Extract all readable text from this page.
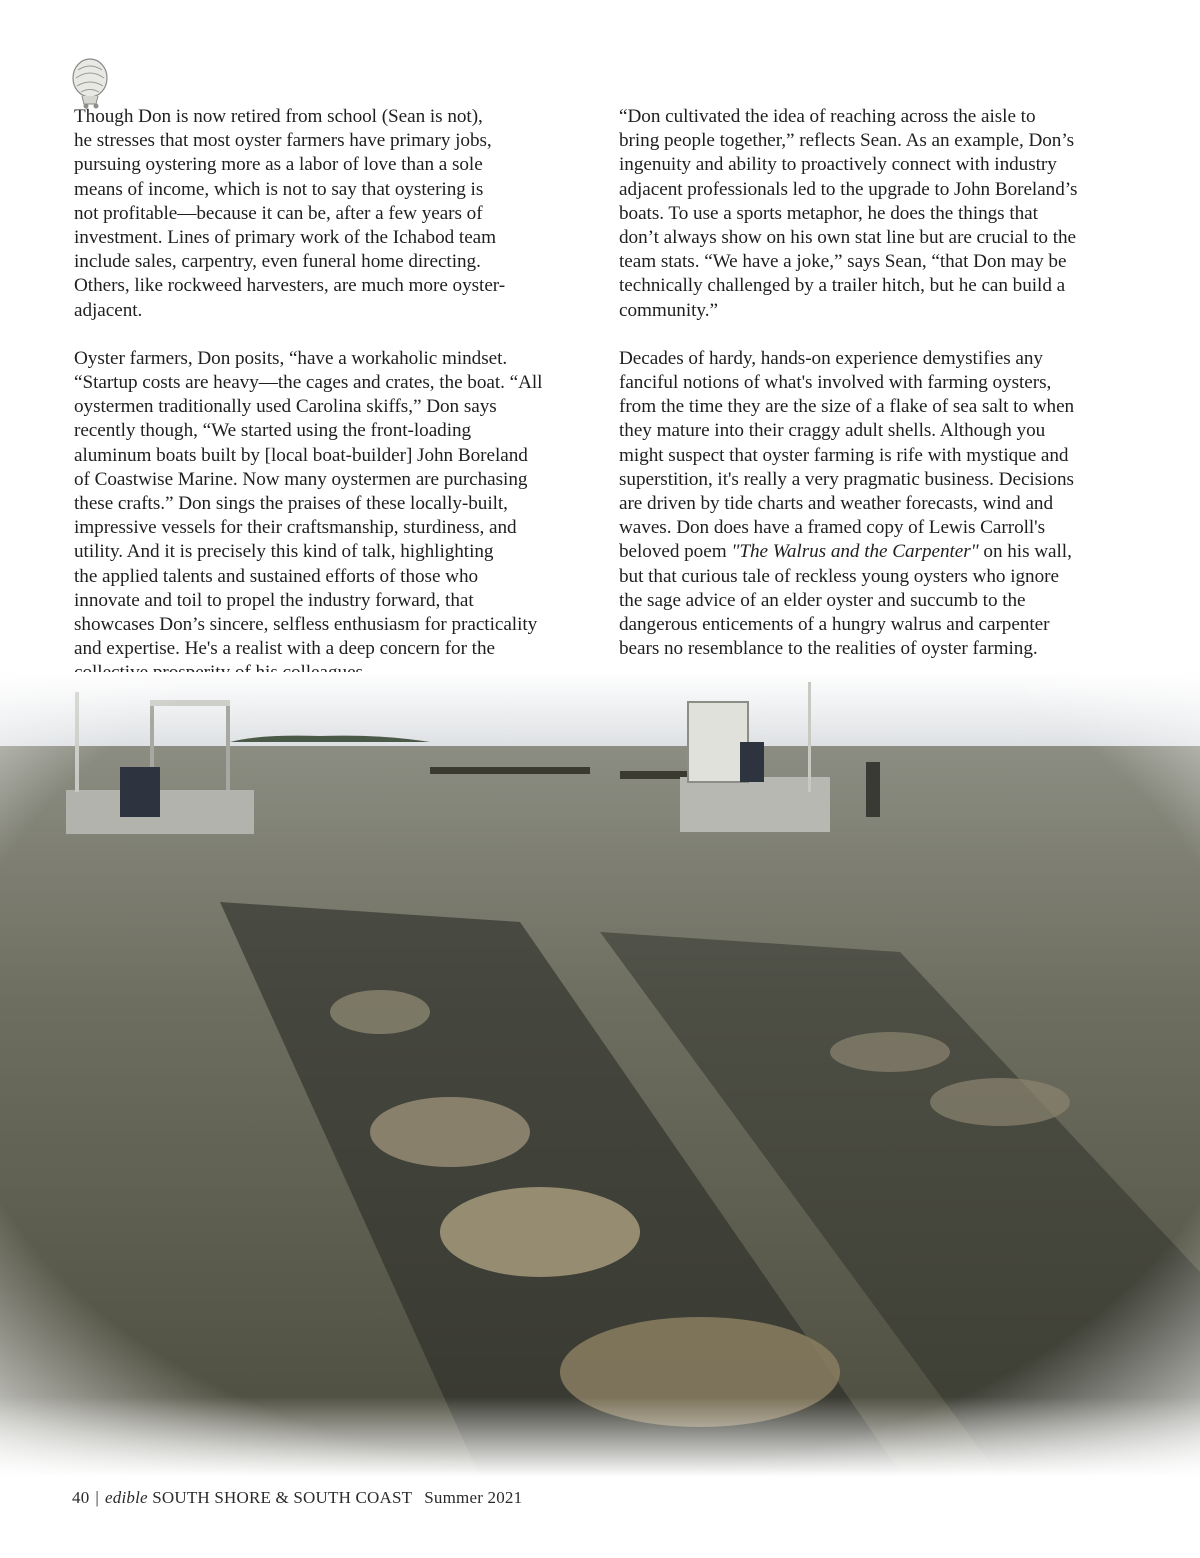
Though Don is now retired from school (Sean is not),
he stresses that most oyster farmers have primary jobs,
pursuing oystering more as a labor of love than a sole
means of income, which is not to say that oystering is
not profitable—because it can be, after a few years of
investment. Lines of primary work of the Ichabod team
include sales, carpentry, even funeral home directing.
Others, like rockweed harvesters, are much more oyster-
adjacent.

Oyster farmers, Don posits, “have a workaholic mindset.
“Startup costs are heavy—the cages and crates, the boat. “All
oystermen traditionally used Carolina skiffs,” Don says
recently though, “We started using the front-loading
aluminum boats built by [local boat-builder] John Boreland
of Coastwise Marine. Now many oystermen are purchasing
these crafts.” Don sings the praises of these locally-built,
impressive vessels for their craftsmanship, sturdiness, and
utility. And it is precisely this kind of talk, highlighting
the applied talents and sustained efforts of those who
innovate and toil to propel the industry forward, that
showcases Don’s sincere, selfless enthusiasm for practicality
and expertise. He's a realist with a deep concern for the

“Don cultivated the idea of reaching across the aisle to
bring people together,” reflects Sean. As an example, Don’s
ingenuity and ability to proactively connect with industry
adjacent professionals led to the upgrade to John Boreland’s
boats. To use a sports metaphor, he does the things that
don’t always show on his own stat line but are crucial to the
team stats. “We have a joke,” says Sean, “that Don may be
technically challenged by a trailer hitch, but he can build a
community.”

Decades of hardy, hands-on experience demystifies any
fanciful notions of what's involved with farming oysters,
from the time they are the size of a flake of sea salt to when
they mature into their craggy adult shells. Although you
might suspect that oyster farming is rife with mystique and
superstition, it's really a very pragmatic business. Decisions
are driven by tide charts and weather forecasts, wind and
waves. Don does have a framed copy of Lewis Carroll's
beloved poem "The Walrus and the Carpenter" on his wall,
but that curious tale of reckless young oysters who ignore
the sage advice of an elder oyster and succumb to the
dangerous enticements of a hungry walrus and carpenter
bears no resemblance to the realities of oyster farming.

40 | edible SOUTH SHORE & SOUTH COAST Summer 2021
